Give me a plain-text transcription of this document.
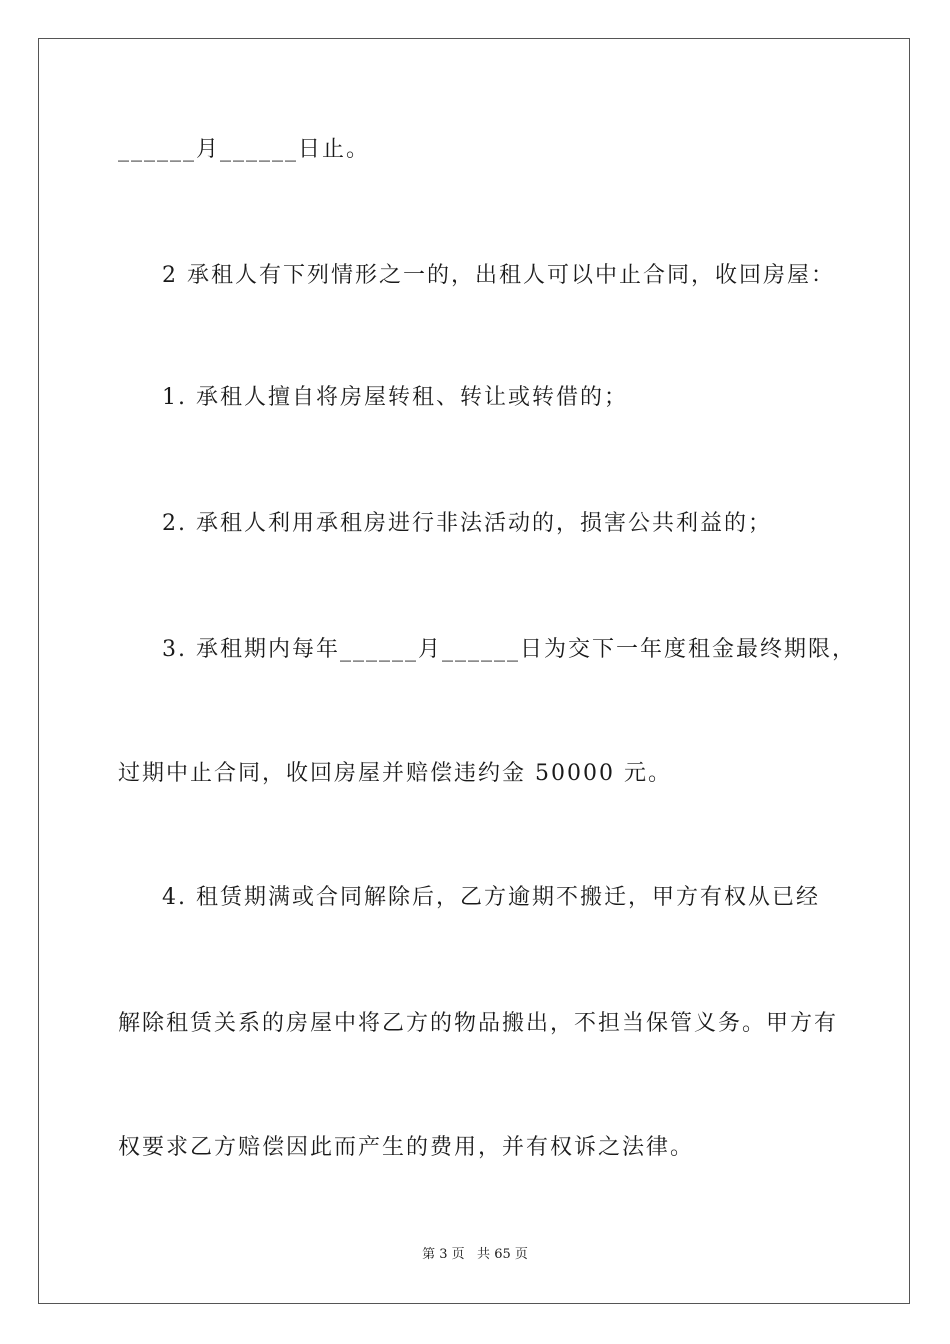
______月______日止。
2 承租人有下列情形之一的，出租人可以中止合同，收回房屋：
1. 承租人擅自将房屋转租、转让或转借的；
2. 承租人利用承租房进行非法活动的，损害公共利益的；
3. 承租期内每年______月______日为交下一年度租金最终期限，
过期中止合同，收回房屋并赔偿违约金 50000 元。
4. 租赁期满或合同解除后，乙方逾期不搬迁，甲方有权从已经
解除租赁关系的房屋中将乙方的物品搬出，不担当保管义务。甲方有
权要求乙方赔偿因此而产生的费用，并有权诉之法律。
第 3 页   共 65 页
